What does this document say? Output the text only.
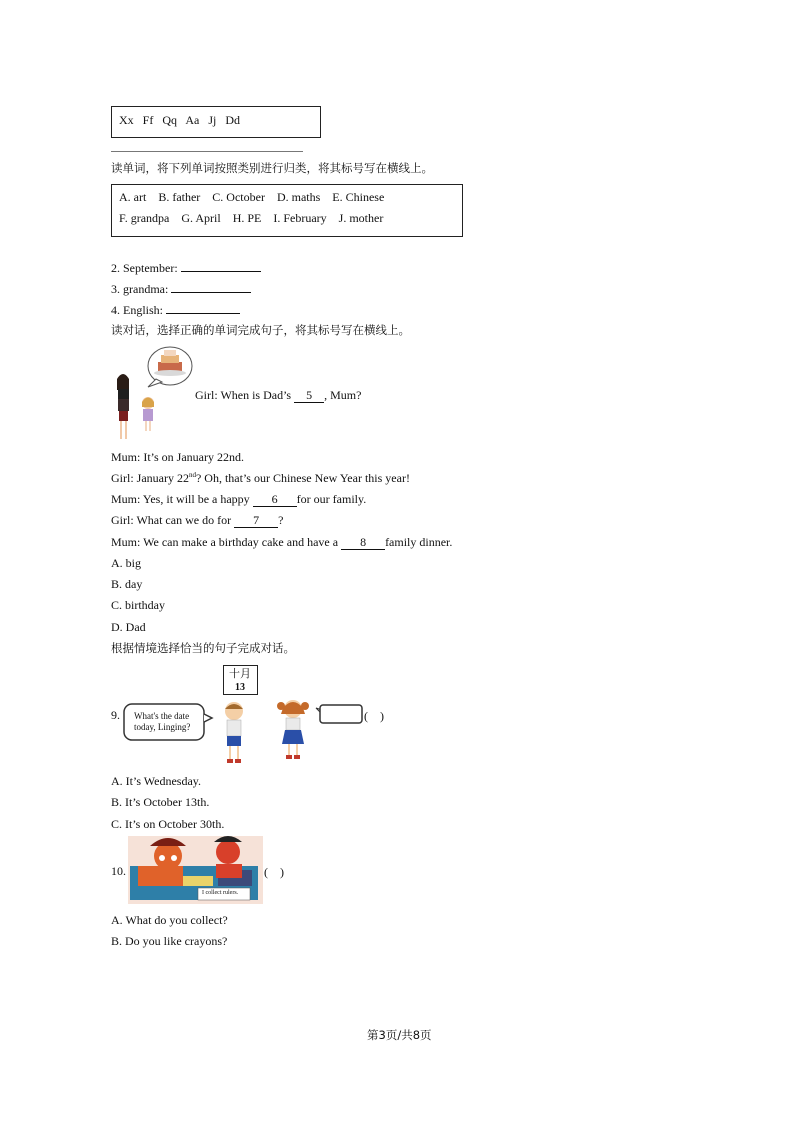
Xx   Ff   Qq   Aa   Jj   Dd
读单词，将下列单词按照类别进行归类，将其标号写在横线上。
A. art    B. father    C. October    D. maths    E. Chinese
F. grandpa    G. April    H. PE    I. February    J. mother
2. September:
3. grandma:
4. English:
读对话，选择正确的单词完成句子，将其标号写在横线上。
Girl: When is Dad’s 5 , Mum?
Mum: It’s on January 22nd.
Girl: January 22nd? Oh, that’s our Chinese New Year this year!
Mum: Yes, it will be a happy 6 for our family.
Girl: What can we do for 7 ?
Mum: We can make a birthday cake and have a 8 family dinner.
A. big
B. day
C. birthday
D. Dad
根据情境选择恰当的句子完成对话。
十月
13
9. What's the date
today, Linging?
(    )
A. It’s Wednesday.
B. It’s October 13th.
C. It’s on October 30th.
10.
I collect rulers.
(    )
A. What do you collect?
B. Do you like crayons?
第3页/共8页
